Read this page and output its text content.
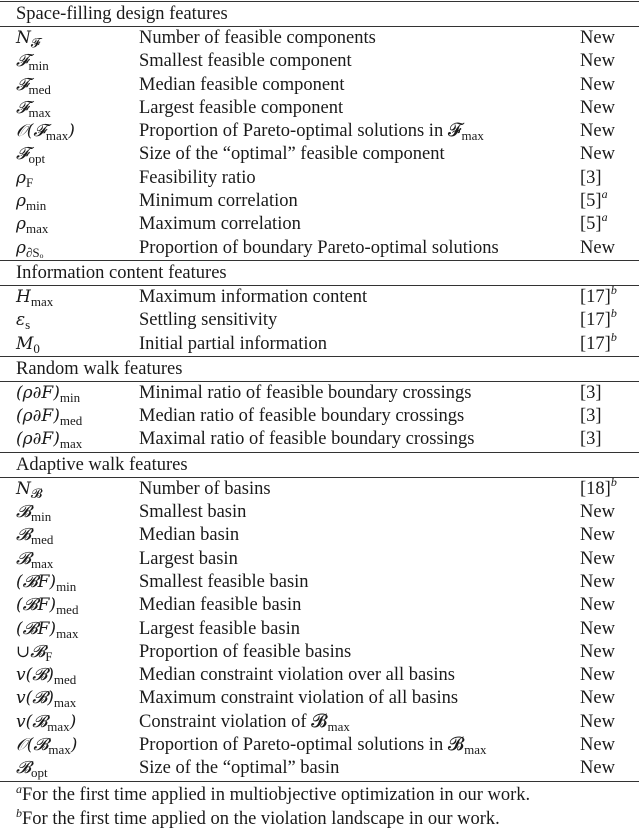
Space-filling design features
$N_𝓕$	Number of feasible components	New
𝓕$_{min}$	Smallest feasible component	New
𝓕$_{med}$	Median feasible component	New
𝓕$_{max}$	Largest feasible component	New
𝒪(𝓕$_{max}$)	Proportion of Pareto-optimal solutions in 𝓕$_{max}$	New
𝓕$_{opt}$	Size of the “optimal” feasible component	New
$\rho_F$	Feasibility ratio	[3]
$\rho_{min}$	Minimum correlation	$[5]^a$
$\rho_{max}$	Maximum correlation	$[5]^a$
$\rho_{\partial S_o}$	Proportion of boundary Pareto-optimal solutions	New
Information content features
$H_{max}$	Maximum information content	$[17]^b$
$\varepsilon_s$	Settling sensitivity	$[17]^b$
$M_0$	Initial partial information	$[17]^b$
Random walk features
$(\rho\partial F)_{min}$	Minimal ratio of feasible boundary crossings	[3]
$(\rho\partial F)_{med}$	Median ratio of feasible boundary crossings	[3]
$(\rho\partial F)_{max}$	Maximal ratio of feasible boundary crossings	[3]
Adaptive walk features
$N_𝓑$	Number of basins	$[18]^b$
𝓑$_{min}$	Smallest basin	New
𝓑$_{med}$	Median basin	New
𝓑$_{max}$	Largest basin	New
$(𝓑F)_{min}$	Smallest feasible basin	New
$(𝓑F)_{med}$	Median feasible basin	New
$(𝓑F)_{max}$	Largest feasible basin	New
∪𝓑$_F$	Proportion of feasible basins	New
$v(𝓑)_{med}$	Median constraint violation over all basins	New
$v(𝓑)_{max}$	Maximum constraint violation of all basins	New
v(𝓑$_{max}$)	Constraint violation of 𝓑$_{max}$	New
𝒪(𝓑$_{max}$)	Proportion of Pareto-optimal solutions in 𝓑$_{max}$	New
𝓑$_{opt}$	Size of the “optimal” basin	New
$^a$For the first time applied in multiobjective optimization in our work.
$^b$For the first time applied on the violation landscape in our work.
